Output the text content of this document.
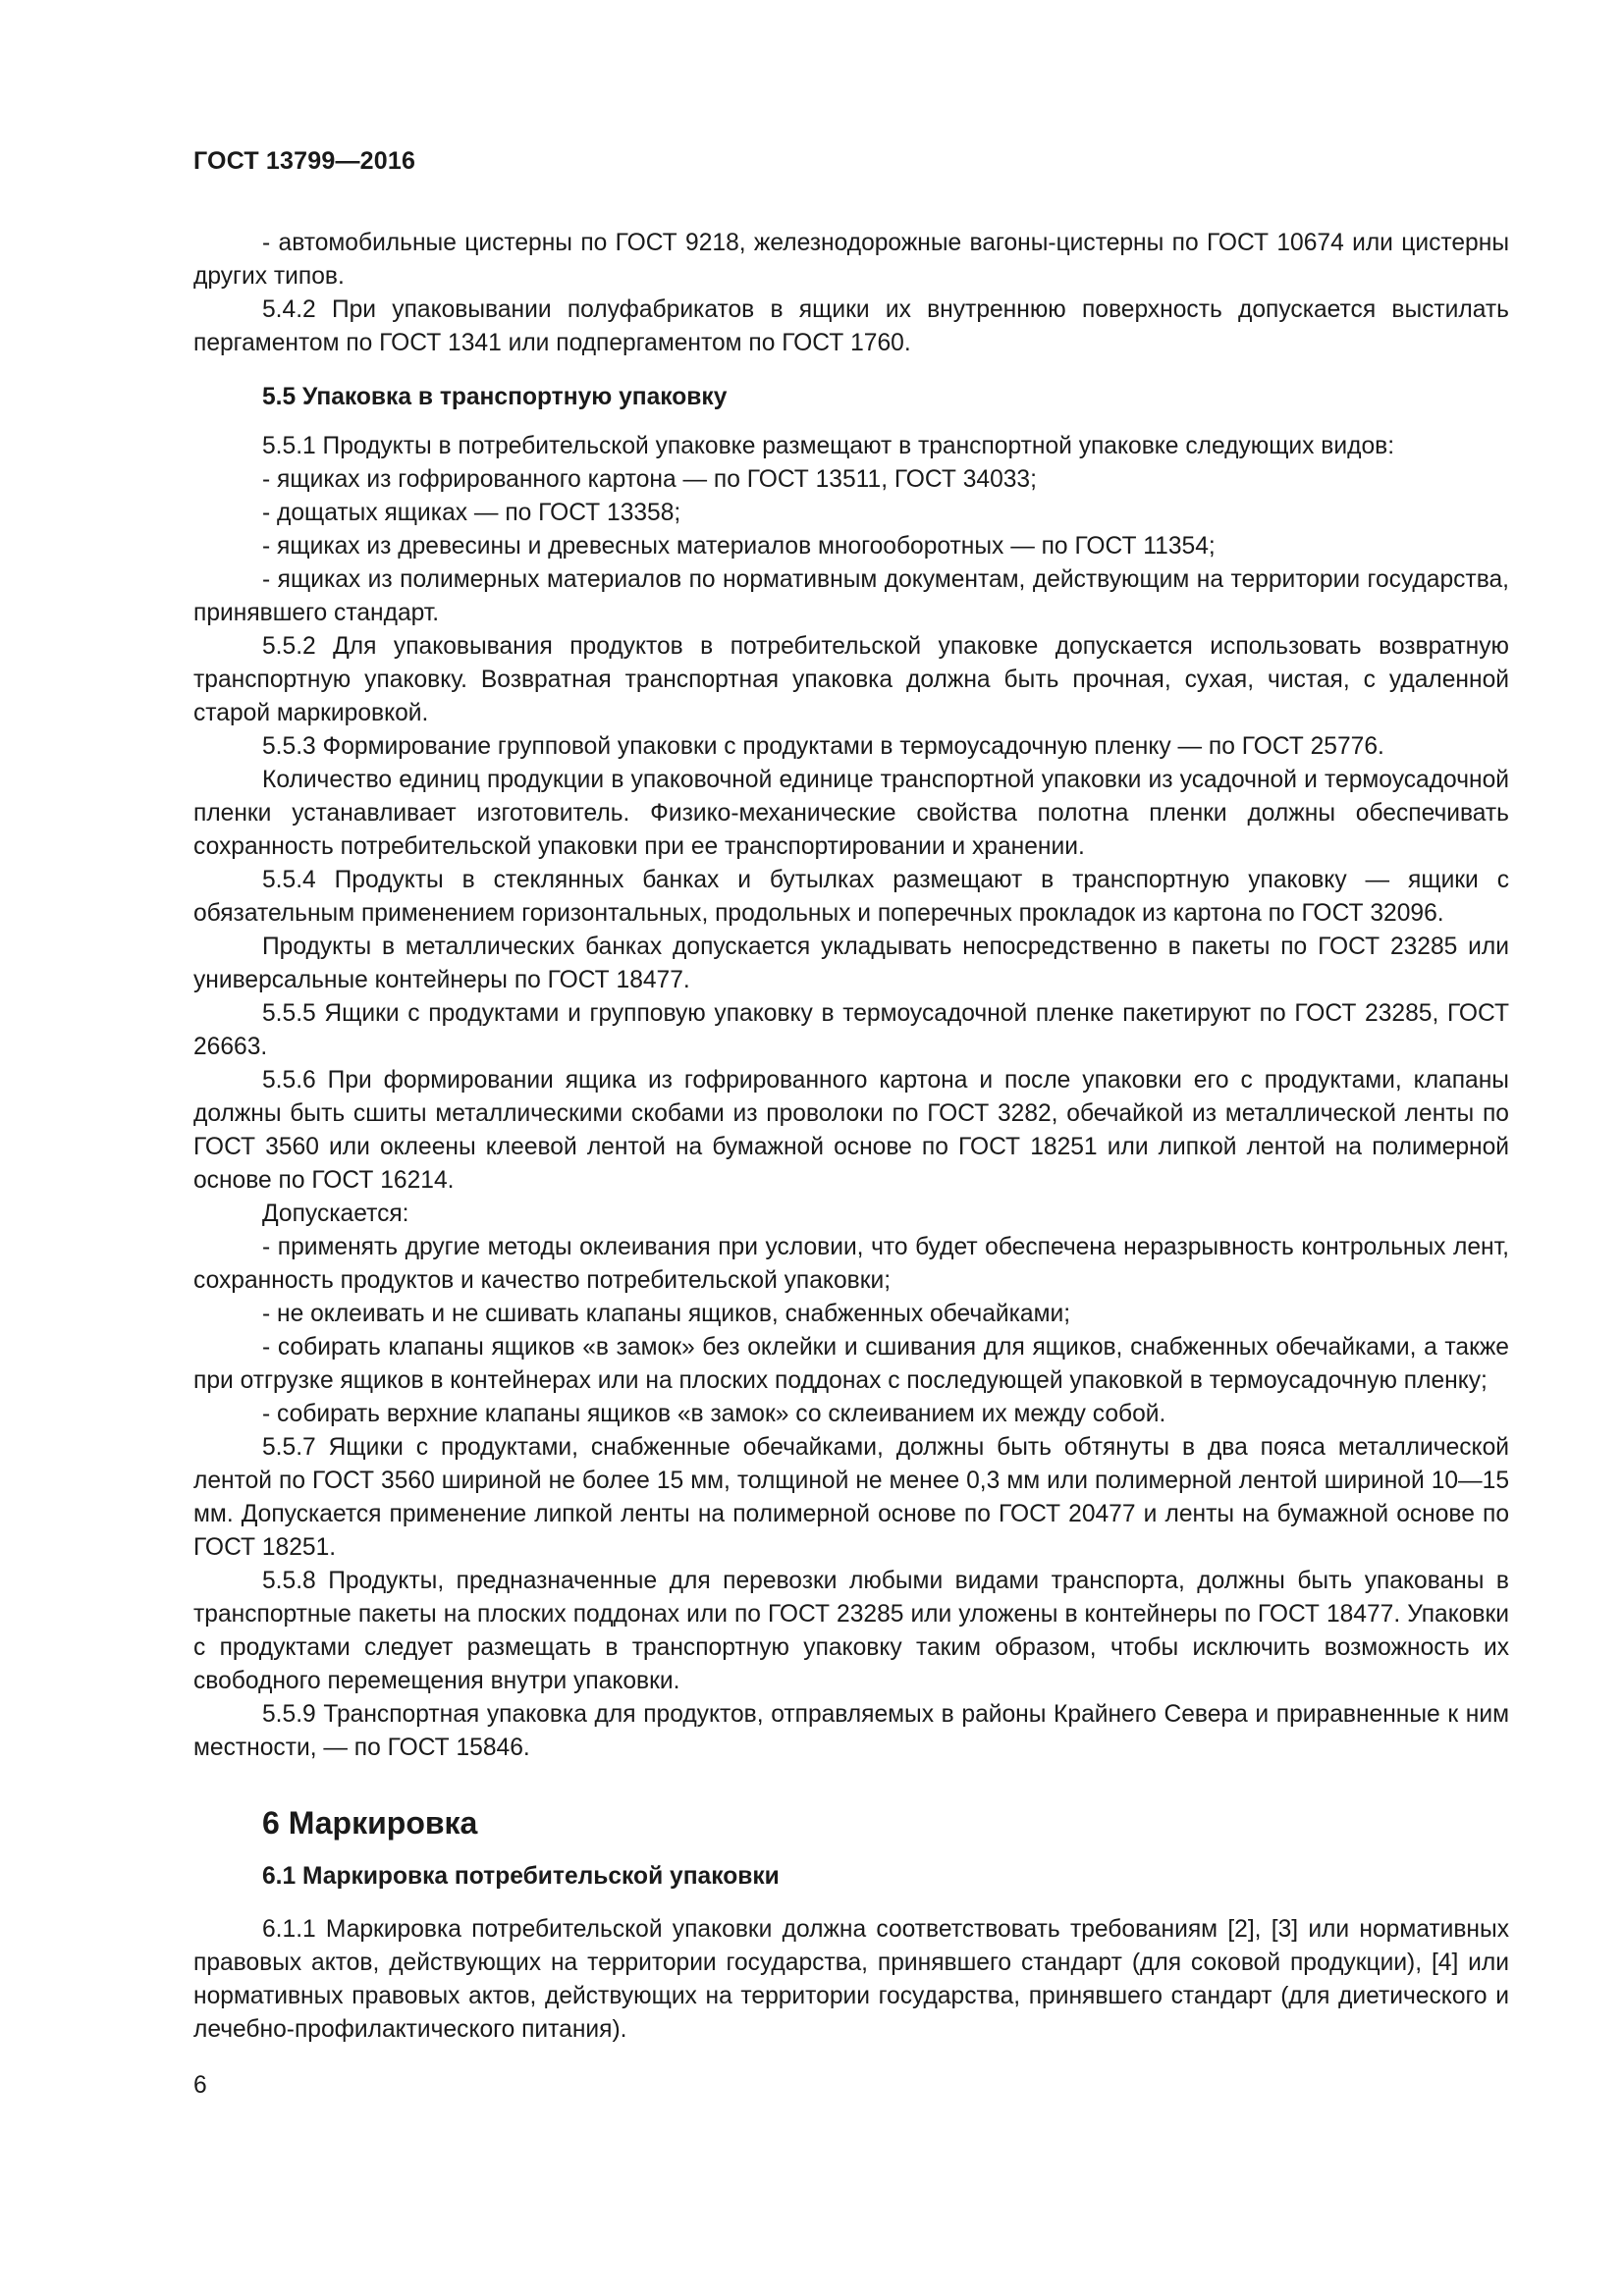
ГОСТ 13799—2016

- автомобильные цистерны по ГОСТ 9218, железнодорожные вагоны-цистерны по ГОСТ 10674 или цистерны других типов.

5.4.2 При упаковывании полуфабрикатов в ящики их внутреннюю поверхность допускается выстилать пергаментом по ГОСТ 1341 или подпергаментом по ГОСТ 1760.

5.5 Упаковка в транспортную упаковку

5.5.1 Продукты в потребительской упаковке размещают в транспортной упаковке следующих видов:

- ящиках из гофрированного картона — по ГОСТ 13511, ГОСТ 34033;

- дощатых ящиках — по ГОСТ 13358;

- ящиках из древесины и древесных материалов многооборотных — по ГОСТ 11354;

- ящиках из полимерных материалов по нормативным документам, действующим на территории государства, принявшего стандарт.

5.5.2 Для упаковывания продуктов в потребительской упаковке допускается использовать возвратную транспортную упаковку. Возвратная транспортная упаковка должна быть прочная, сухая, чистая, с удаленной старой маркировкой.

5.5.3 Формирование групповой упаковки с продуктами в термоусадочную пленку — по ГОСТ 25776.

Количество единиц продукции в упаковочной единице транспортной упаковки из усадочной и термоусадочной пленки устанавливает изготовитель. Физико-механические свойства полотна пленки должны обеспечивать сохранность потребительской упаковки при ее транспортировании и хранении.

5.5.4 Продукты в стеклянных банках и бутылках размещают в транспортную упаковку — ящики с обязательным применением горизонтальных, продольных и поперечных прокладок из картона по ГОСТ 32096.

Продукты в металлических банках допускается укладывать непосредственно в пакеты по ГОСТ 23285 или универсальные контейнеры по ГОСТ 18477.

5.5.5 Ящики с продуктами и групповую упаковку в термоусадочной пленке пакетируют по ГОСТ 23285, ГОСТ 26663.

5.5.6 При формировании ящика из гофрированного картона и после упаковки его с продуктами, клапаны должны быть сшиты металлическими скобами из проволоки по ГОСТ 3282, обечайкой из металлической ленты по ГОСТ 3560 или оклеены клеевой лентой на бумажной основе по ГОСТ 18251 или липкой лентой на полимерной основе по ГОСТ 16214.

Допускается:

- применять другие методы оклеивания при условии, что будет обеспечена неразрывность контрольных лент, сохранность продуктов и качество потребительской упаковки;

- не оклеивать и не сшивать клапаны ящиков, снабженных обечайками;

- собирать клапаны ящиков «в замок» без оклейки и сшивания для ящиков, снабженных обечайками, а также при отгрузке ящиков в контейнерах или на плоских поддонах с последующей упаковкой в термоусадочную пленку;

- собирать верхние клапаны ящиков «в замок» со склеиванием их между собой.

5.5.7 Ящики с продуктами, снабженные обечайками, должны быть обтянуты в два пояса металлической лентой по ГОСТ 3560 шириной не более 15 мм, толщиной не менее 0,3 мм или полимерной лентой шириной 10—15 мм. Допускается применение липкой ленты на полимерной основе по ГОСТ 20477 и ленты на бумажной основе по ГОСТ 18251.

5.5.8 Продукты, предназначенные для перевозки любыми видами транспорта, должны быть упакованы в транспортные пакеты на плоских поддонах или по ГОСТ 23285 или уложены в контейнеры по ГОСТ 18477. Упаковки с продуктами следует размещать в транспортную упаковку таким образом, чтобы исключить возможность их свободного перемещения внутри упаковки.

5.5.9 Транспортная упаковка для продуктов, отправляемых в районы Крайнего Севера и приравненные к ним местности, — по ГОСТ 15846.

6 Маркировка
6.1 Маркировка потребительской упаковки

6.1.1 Маркировка потребительской упаковки должна соответствовать требованиям [2], [3] или нормативных правовых актов, действующих на территории государства, принявшего стандарт (для соковой продукции), [4] или нормативных правовых актов, действующих на территории государства, принявшего стандарт (для диетического и лечебно-профилактического питания).

6
